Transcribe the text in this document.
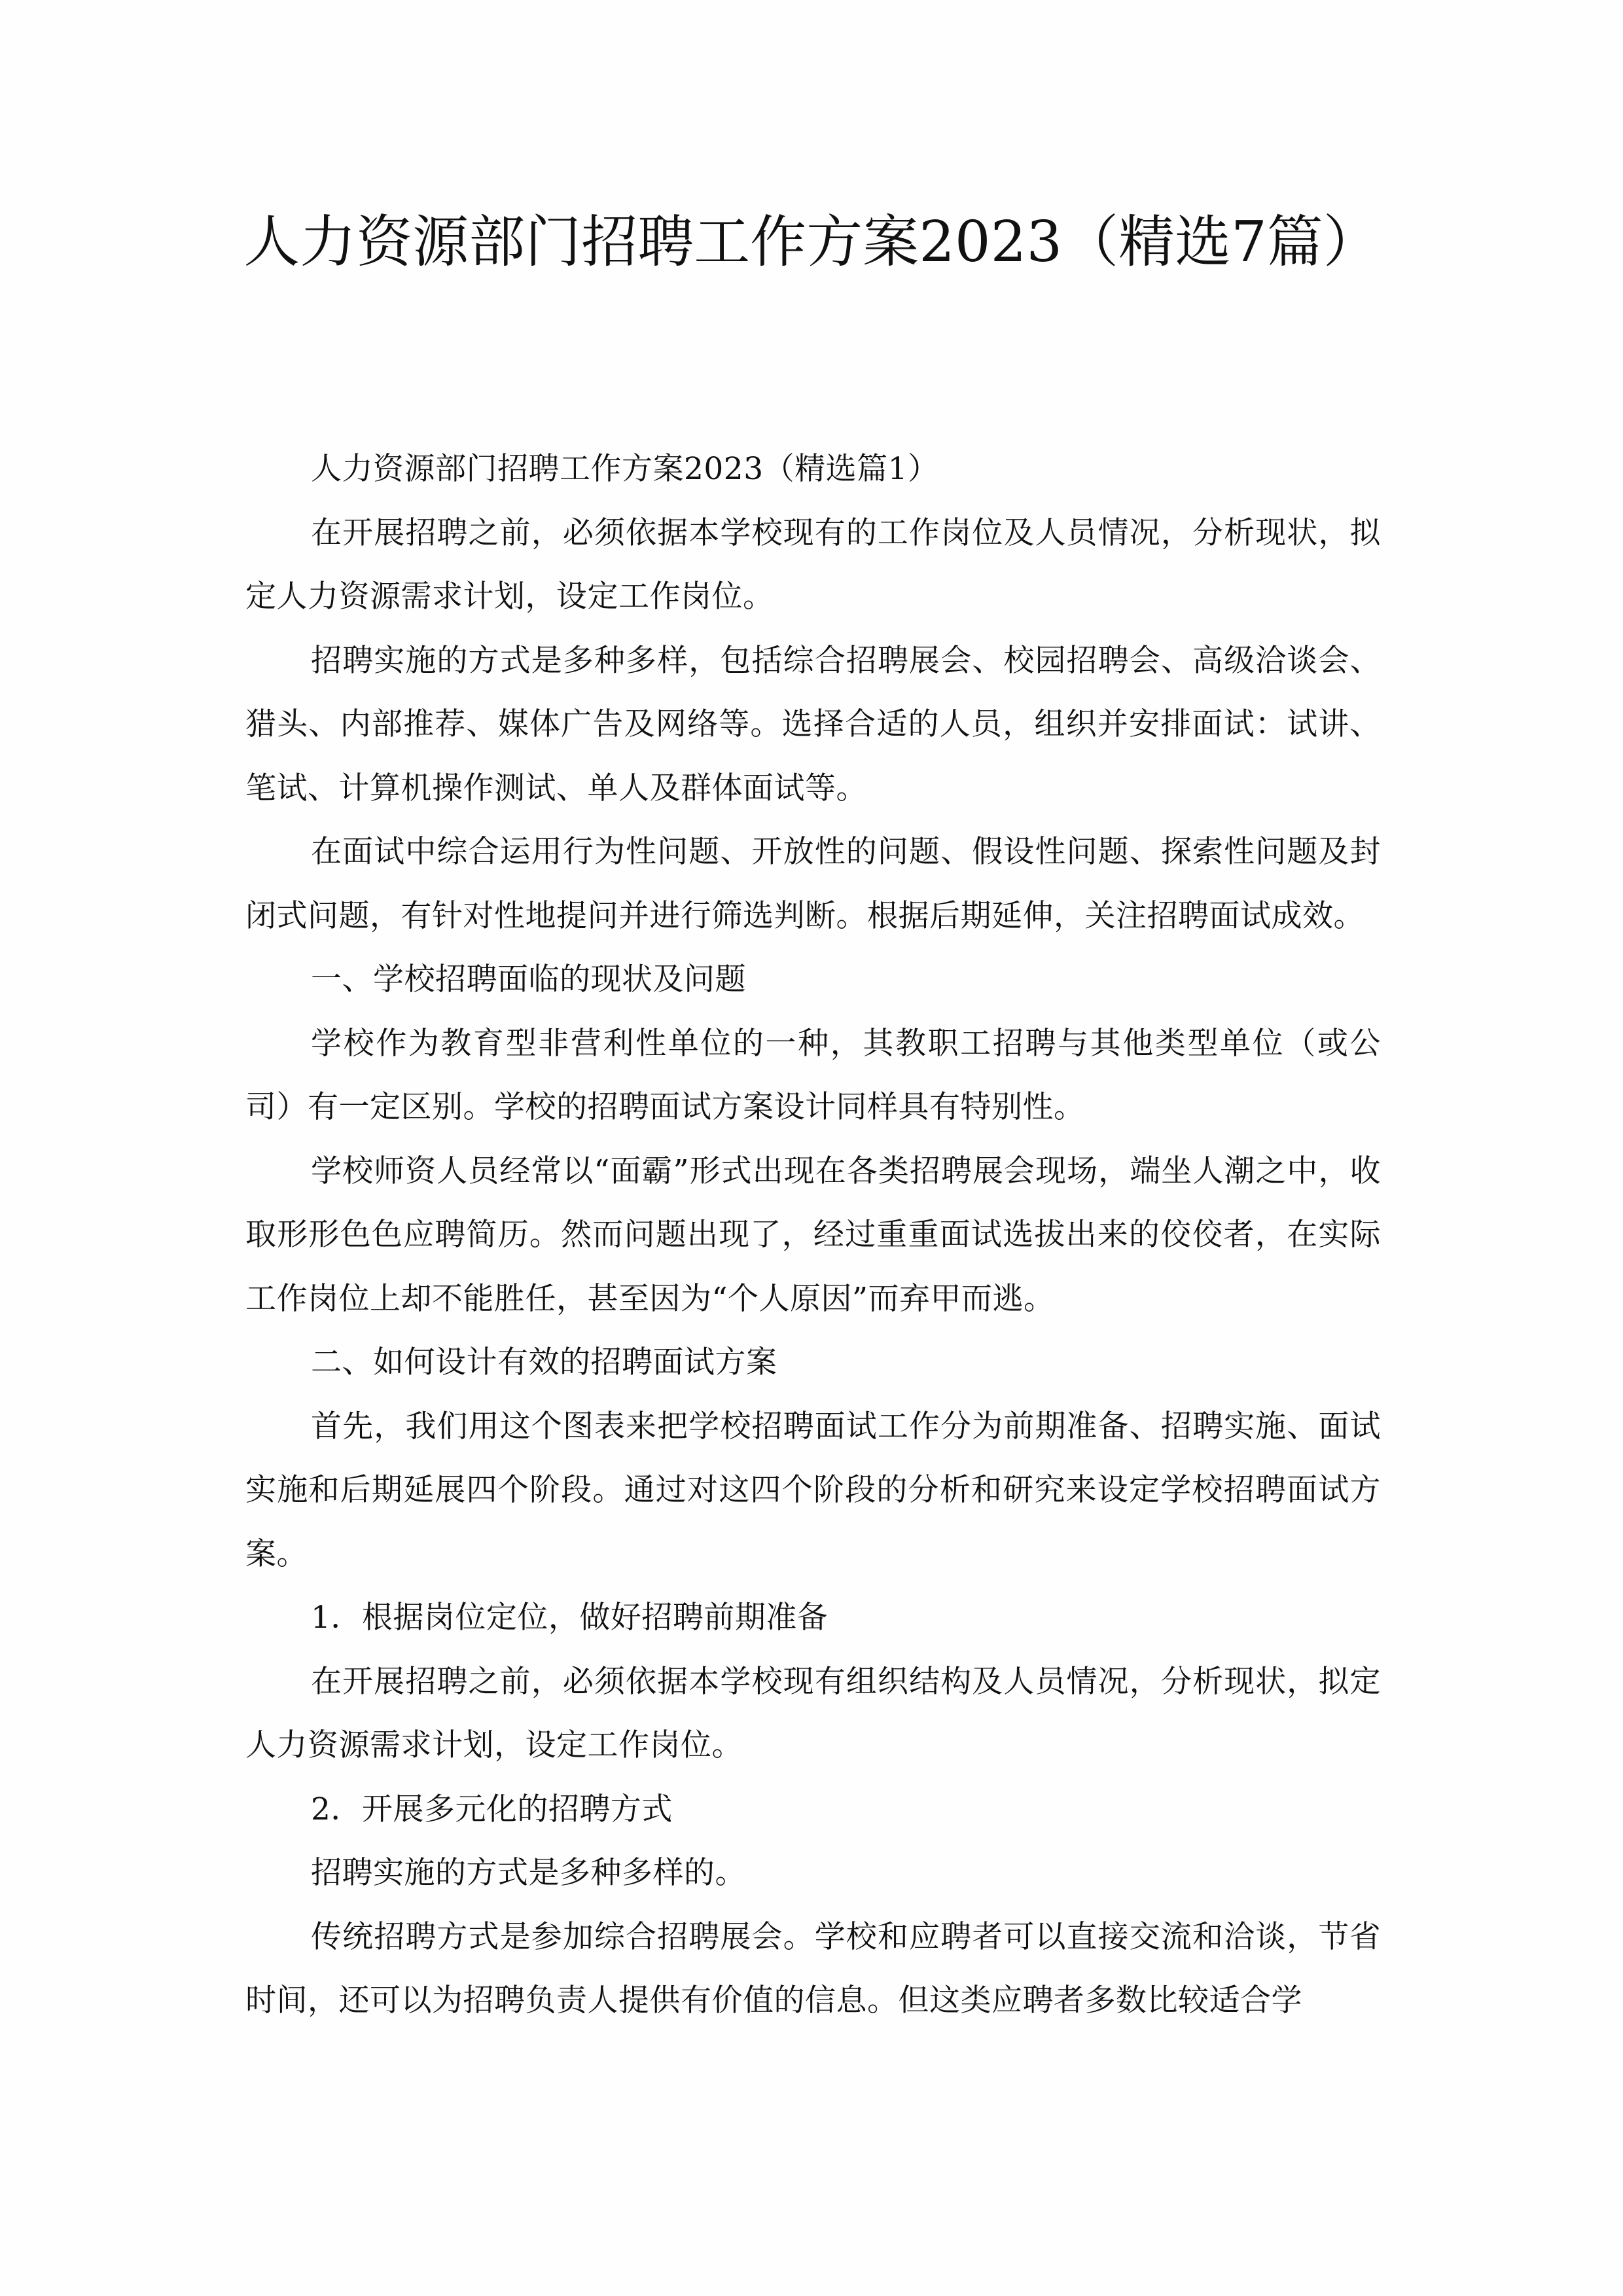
人力资源部门招聘工作方案2023（精选7篇）

人力资源部门招聘工作方案2023（精选篇1）

在开展招聘之前，必须依据本学校现有的工作岗位及人员情况，分析现状，拟定人力资源需求计划，设定工作岗位。

招聘实施的方式是多种多样，包括综合招聘展会、校园招聘会、高级洽谈会、猎头、内部推荐、媒体广告及网络等。选择合适的人员，组织并安排面试：试讲、笔试、计算机操作测试、单人及群体面试等。

在面试中综合运用行为性问题、开放性的问题、假设性问题、探索性问题及封闭式问题，有针对性地提问并进行筛选判断。根据后期延伸，关注招聘面试成效。

一、学校招聘面临的现状及问题

学校作为教育型非营利性单位的一种，其教职工招聘与其他类型单位（或公司）有一定区别。学校的招聘面试方案设计同样具有特别性。

学校师资人员经常以“面霸”形式出现在各类招聘展会现场，端坐人潮之中，收取形形色色应聘简历。然而问题出现了，经过重重面试选拔出来的佼佼者，在实际工作岗位上却不能胜任，甚至因为“个人原因”而弃甲而逃。

二、如何设计有效的招聘面试方案

首先，我们用这个图表来把学校招聘面试工作分为前期准备、招聘实施、面试实施和后期延展四个阶段。通过对这四个阶段的分析和研究来设定学校招聘面试方案。

1．根据岗位定位，做好招聘前期准备

在开展招聘之前，必须依据本学校现有组织结构及人员情况，分析现状，拟定人力资源需求计划，设定工作岗位。

2．开展多元化的招聘方式

招聘实施的方式是多种多样的。

传统招聘方式是参加综合招聘展会。学校和应聘者可以直接交流和洽谈，节省时间，还可以为招聘负责人提供有价值的信息。但这类应聘者多数比较适合学
